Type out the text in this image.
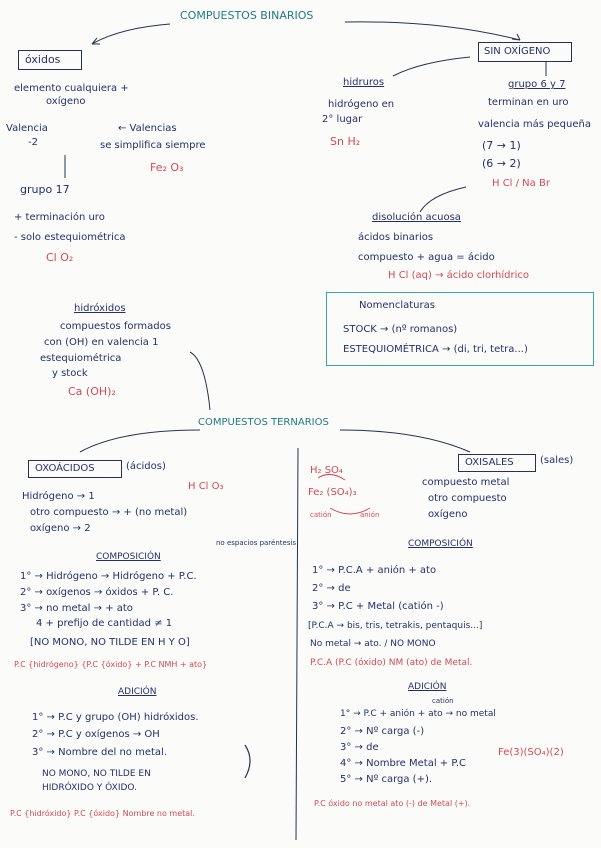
COMPUESTOS BINARIOS
óxidos
elemento cualquiera +
oxígeno
Valencia
-2
← Valencias
se simplifica siempre
Fe₂ O₃
grupo 17
+ terminación uro
- solo estequiométrica
Cl O₂
SIN OXÍGENO
hidruros
hidrógeno en
2° lugar
Sn H₂
grupo 6 y 7
terminan en uro
valencia más pequeña
(7 → 1)
(6 → 2)
H Cl / Na Br
disolución acuosa
ácidos binarios
compuesto + agua = ácido
H Cl (aq) → ácido clorhídrico
Nomenclaturas
STOCK → (nº romanos)
ESTEQUIOMÉTRICA → (di, tri, tetra...)
hidróxidos
compuestos formados
con (OH) en valencia 1
estequiométrica
y stock
Ca (OH)₂
COMPUESTOS TERNARIOS
OXOÁCIDOS	(ácidos)
H Cl O₃
Hidrógeno → 1
otro compuesto → + (no metal)
oxígeno → 2
COMPOSICIÓN
no espacios paréntesis
1° → Hidrógeno → Hidrógeno + P.C.
2° → oxígenos → óxidos + P. C.
3° → no metal → + ato
4 + prefijo de cantidad ≠ 1
[NO MONO, NO TILDE EN H Y O]
P.C {hidrógeno} {P.C {óxido} + P.C NMH + ato}
ADICIÓN
1° → P.C y grupo (OH) hidróxidos.
2° → P.C y oxígenos → OH
3° → Nombre del no metal.
NO MONO, NO TILDE EN
HIDRÓXIDO Y ÓXIDO.
P.C {hidróxido} P.C {óxido} Nombre no metal.
OXISALES	(sales)
H₂ SO₄
Fe₂ (SO₄)₃
catión	anión
compuesto metal
otro compuesto
oxígeno
COMPOSICIÓN
1° → P.C.A + anión + ato
2° → de
3° → P.C + Metal (catión -)
[P.C.A → bis, tris, tetrakis, pentaquis...]
No metal → ato. / NO MONO
P.C.A (P.C (óxido) NM (ato) de Metal.
ADICIÓN
catión
1° → P.C + anión + ato → no metal
2° → Nº carga (-)
3° → de
4° → Nombre Metal + P.C
5° → Nº carga (+).
Fe(3)(SO₄)(2)
P.C óxido no metal ato (-) de Metal (+).
